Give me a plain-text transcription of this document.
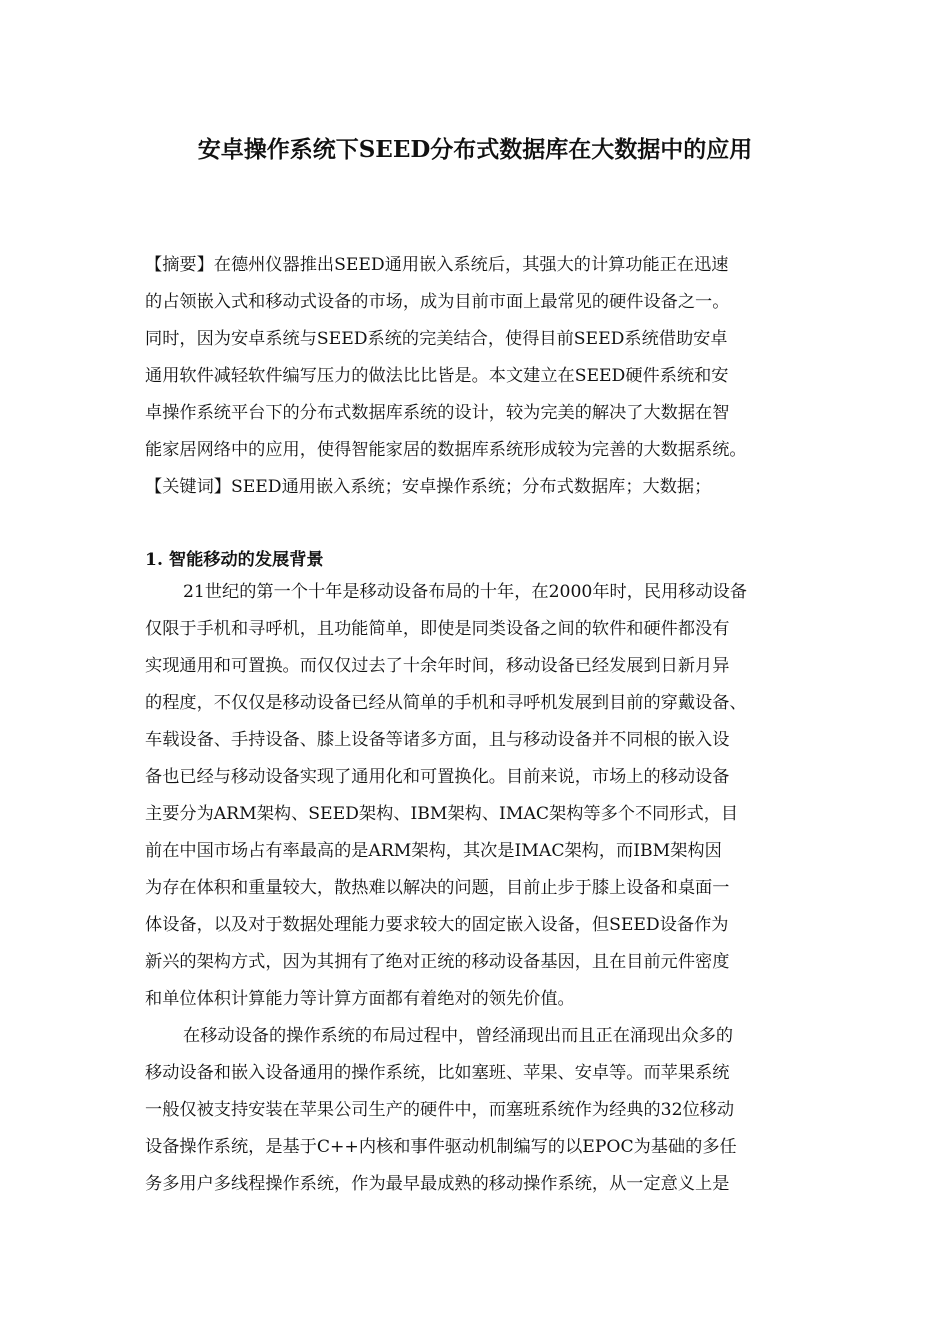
安卓操作系统下SEED分布式数据库在大数据中的应用
【摘要】在德州仪器推出SEED通用嵌入系统后，其强大的计算功能正在迅速
的占领嵌入式和移动式设备的市场，成为目前市面上最常见的硬件设备之一。
同时，因为安卓系统与SEED系统的完美结合，使得目前SEED系统借助安卓
通用软件减轻软件编写压力的做法比比皆是。本文建立在SEED硬件系统和安
卓操作系统平台下的分布式数据库系统的设计，较为完美的解决了大数据在智
能家居网络中的应用，使得智能家居的数据库系统形成较为完善的大数据系统。
【关键词】SEED通用嵌入系统；安卓操作系统；分布式数据库；大数据；
1. 智能移动的发展背景
21世纪的第一个十年是移动设备布局的十年，在2000年时，民用移动设备
仅限于手机和寻呼机，且功能简单，即使是同类设备之间的软件和硬件都没有
实现通用和可置换。而仅仅过去了十余年时间，移动设备已经发展到日新月异
的程度，不仅仅是移动设备已经从简单的手机和寻呼机发展到目前的穿戴设备、
车载设备、手持设备、膝上设备等诸多方面，且与移动设备并不同根的嵌入设
备也已经与移动设备实现了通用化和可置换化。目前来说，市场上的移动设备
主要分为ARM架构、SEED架构、IBM架构、IMAC架构等多个不同形式，目
前在中国市场占有率最高的是ARM架构，其次是IMAC架构，而IBM架构因
为存在体积和重量较大，散热难以解决的问题，目前止步于膝上设备和桌面一
体设备，以及对于数据处理能力要求较大的固定嵌入设备，但SEED设备作为
新兴的架构方式，因为其拥有了绝对正统的移动设备基因，且在目前元件密度
和单位体积计算能力等计算方面都有着绝对的领先价值。
在移动设备的操作系统的布局过程中，曾经涌现出而且正在涌现出众多的
移动设备和嵌入设备通用的操作系统，比如塞班、苹果、安卓等。而苹果系统
一般仅被支持安装在苹果公司生产的硬件中，而塞班系统作为经典的32位移动
设备操作系统，是基于C++内核和事件驱动机制编写的以EPOC为基础的多任
务多用户多线程操作系统，作为最早最成熟的移动操作系统，从一定意义上是
